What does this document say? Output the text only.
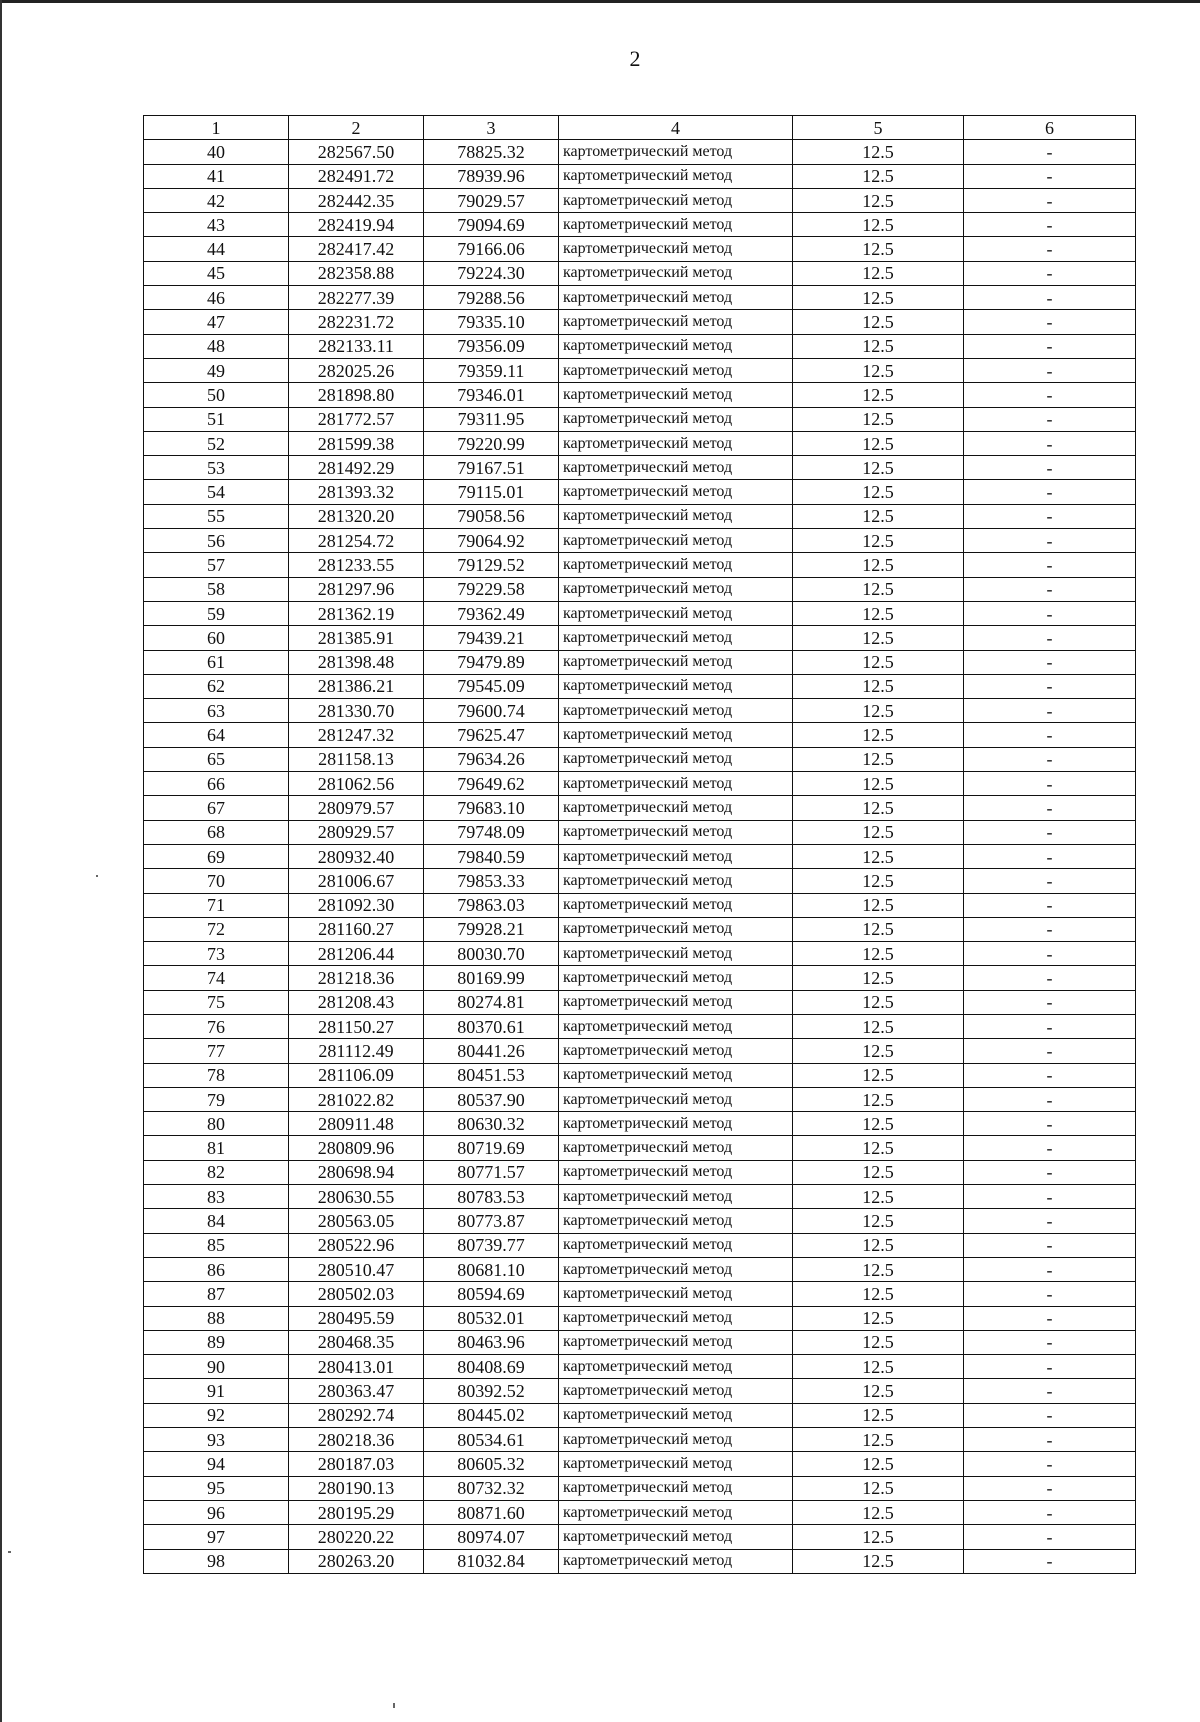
2
1	2	3	4	5	6
40	282567.50	78825.32	картометрический метод	12.5	-
41	282491.72	78939.96	картометрический метод	12.5	-
42	282442.35	79029.57	картометрический метод	12.5	-
43	282419.94	79094.69	картометрический метод	12.5	-
44	282417.42	79166.06	картометрический метод	12.5	-
45	282358.88	79224.30	картометрический метод	12.5	-
46	282277.39	79288.56	картометрический метод	12.5	-
47	282231.72	79335.10	картометрический метод	12.5	-
48	282133.11	79356.09	картометрический метод	12.5	-
49	282025.26	79359.11	картометрический метод	12.5	-
50	281898.80	79346.01	картометрический метод	12.5	-
51	281772.57	79311.95	картометрический метод	12.5	-
52	281599.38	79220.99	картометрический метод	12.5	-
53	281492.29	79167.51	картометрический метод	12.5	-
54	281393.32	79115.01	картометрический метод	12.5	-
55	281320.20	79058.56	картометрический метод	12.5	-
56	281254.72	79064.92	картометрический метод	12.5	-
57	281233.55	79129.52	картометрический метод	12.5	-
58	281297.96	79229.58	картометрический метод	12.5	-
59	281362.19	79362.49	картометрический метод	12.5	-
60	281385.91	79439.21	картометрический метод	12.5	-
61	281398.48	79479.89	картометрический метод	12.5	-
62	281386.21	79545.09	картометрический метод	12.5	-
63	281330.70	79600.74	картометрический метод	12.5	-
64	281247.32	79625.47	картометрический метод	12.5	-
65	281158.13	79634.26	картометрический метод	12.5	-
66	281062.56	79649.62	картометрический метод	12.5	-
67	280979.57	79683.10	картометрический метод	12.5	-
68	280929.57	79748.09	картометрический метод	12.5	-
69	280932.40	79840.59	картометрический метод	12.5	-
70	281006.67	79853.33	картометрический метод	12.5	-
71	281092.30	79863.03	картометрический метод	12.5	-
72	281160.27	79928.21	картометрический метод	12.5	-
73	281206.44	80030.70	картометрический метод	12.5	-
74	281218.36	80169.99	картометрический метод	12.5	-
75	281208.43	80274.81	картометрический метод	12.5	-
76	281150.27	80370.61	картометрический метод	12.5	-
77	281112.49	80441.26	картометрический метод	12.5	-
78	281106.09	80451.53	картометрический метод	12.5	-
79	281022.82	80537.90	картометрический метод	12.5	-
80	280911.48	80630.32	картометрический метод	12.5	-
81	280809.96	80719.69	картометрический метод	12.5	-
82	280698.94	80771.57	картометрический метод	12.5	-
83	280630.55	80783.53	картометрический метод	12.5	-
84	280563.05	80773.87	картометрический метод	12.5	-
85	280522.96	80739.77	картометрический метод	12.5	-
86	280510.47	80681.10	картометрический метод	12.5	-
87	280502.03	80594.69	картометрический метод	12.5	-
88	280495.59	80532.01	картометрический метод	12.5	-
89	280468.35	80463.96	картометрический метод	12.5	-
90	280413.01	80408.69	картометрический метод	12.5	-
91	280363.47	80392.52	картометрический метод	12.5	-
92	280292.74	80445.02	картометрический метод	12.5	-
93	280218.36	80534.61	картометрический метод	12.5	-
94	280187.03	80605.32	картометрический метод	12.5	-
95	280190.13	80732.32	картометрический метод	12.5	-
96	280195.29	80871.60	картометрический метод	12.5	-
97	280220.22	80974.07	картометрический метод	12.5	-
98	280263.20	81032.84	картометрический метод	12.5	-
